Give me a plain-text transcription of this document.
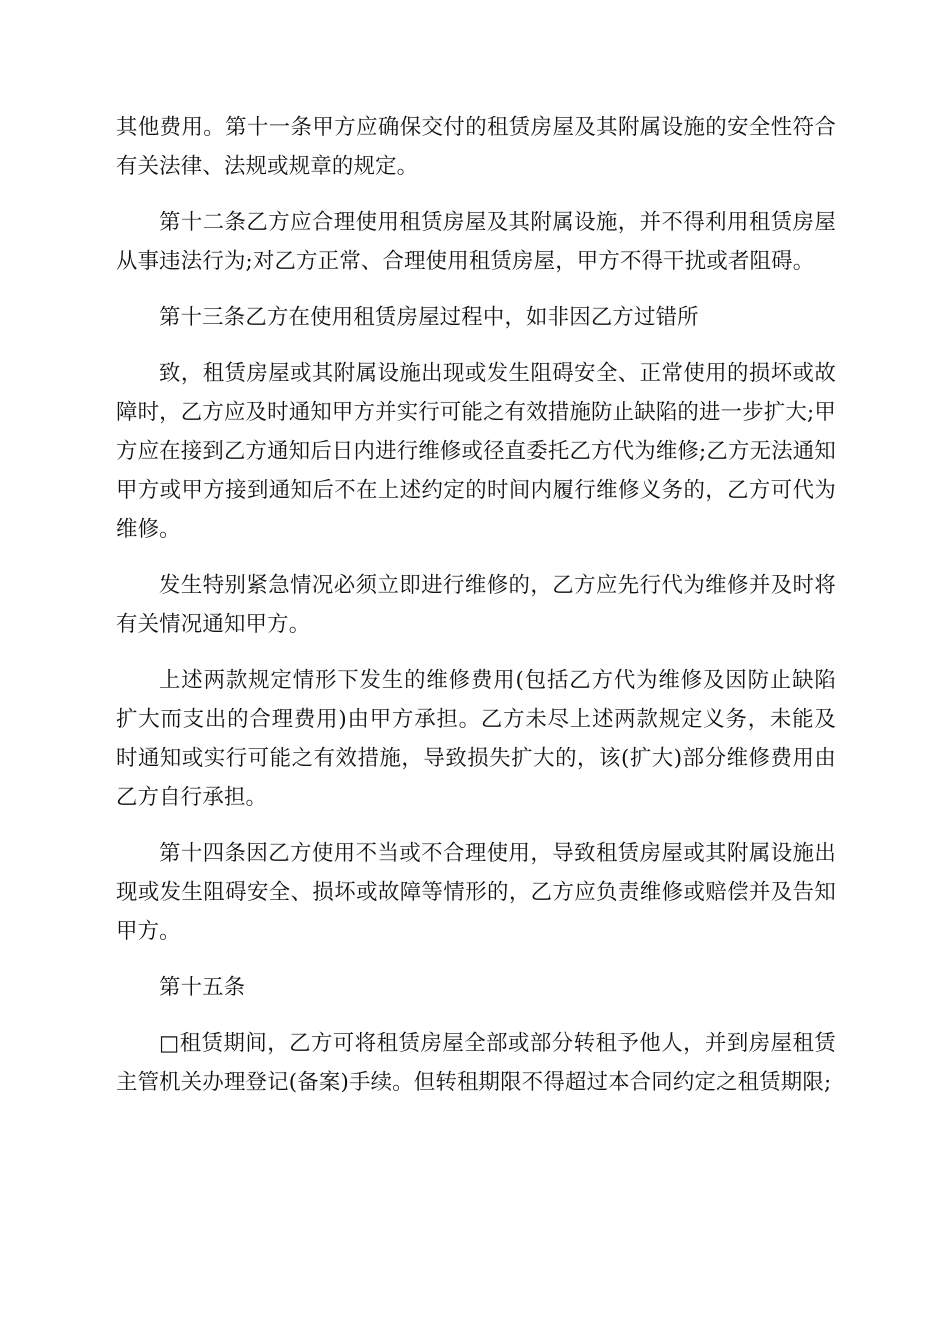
其他费用。第十一条甲方应确保交付的租赁房屋及其附属设施的安全性符合有关法律、法规或规章的规定。

第十二条乙方应合理使用租赁房屋及其附属设施，并不得利用租赁房屋从事违法行为;对乙方正常、合理使用租赁房屋，甲方不得干扰或者阻碍。

第十三条乙方在使用租赁房屋过程中，如非因乙方过错所

致，租赁房屋或其附属设施出现或发生阻碍安全、正常使用的损坏或故障时，乙方应及时通知甲方并实行可能之有效措施防止缺陷的进一步扩大;甲方应在接到乙方通知后日内进行维修或径直委托乙方代为维修;乙方无法通知甲方或甲方接到通知后不在上述约定的时间内履行维修义务的，乙方可代为维修。

发生特别紧急情况必须立即进行维修的，乙方应先行代为维修并及时将有关情况通知甲方。

上述两款规定情形下发生的维修费用(包括乙方代为维修及因防止缺陷扩大而支出的合理费用)由甲方承担。乙方未尽上述两款规定义务，未能及时通知或实行可能之有效措施，导致损失扩大的，该(扩大)部分维修费用由乙方自行承担。

第十四条因乙方使用不当或不合理使用，导致租赁房屋或其附属设施出现或发生阻碍安全、损坏或故障等情形的，乙方应负责维修或赔偿并及告知甲方。

第十五条

□租赁期间，乙方可将租赁房屋全部或部分转租予他人，并到房屋租赁主管机关办理登记(备案)手续。但转租期限不得超过本合同约定之租赁期限;
